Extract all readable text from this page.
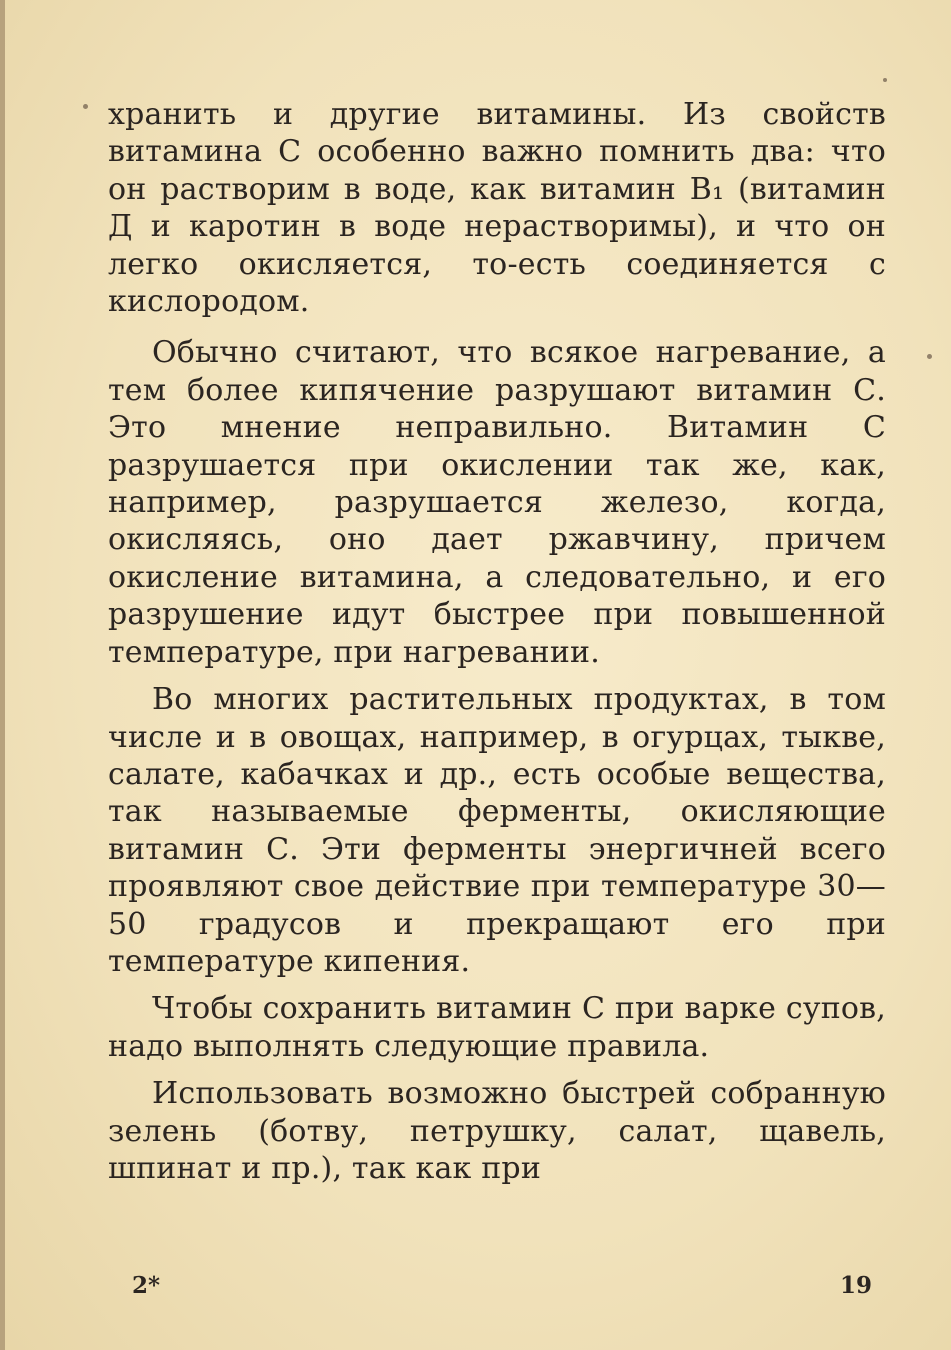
хранить и другие витамины. Из свойств витамина С особенно важно помнить два: что он растворим в воде, как витамин В₁ (витамин Д и каротин в воде нерастворимы), и что он легко окисляется, то-есть соединяется с кислородом.

Обычно считают, что всякое нагревание, а тем более кипячение разрушают витамин С. Это мнение неправильно. Витамин С разрушается при окислении так же, как, например, разрушается железо, когда, окисляясь, оно дает ржавчину, причем окисление витамина, а следовательно, и его разрушение идут быстрее при повышенной температуре, при нагревании.

Во многих растительных продуктах, в том числе и в овощах, например, в огурцах, тыкве, салате, кабачках и др., есть особые вещества, так называемые ферменты, окисляющие витамин С. Эти ферменты энергичней всего проявляют свое действие при температуре 30—50 градусов и прекращают его при температуре кипения.

Чтобы сохранить витамин С при варке супов, надо выполнять следующие правила.

Использовать возможно быстрей собранную зелень (ботву, петрушку, салат, щавель, шпинат и пр.), так как при

2*	19
